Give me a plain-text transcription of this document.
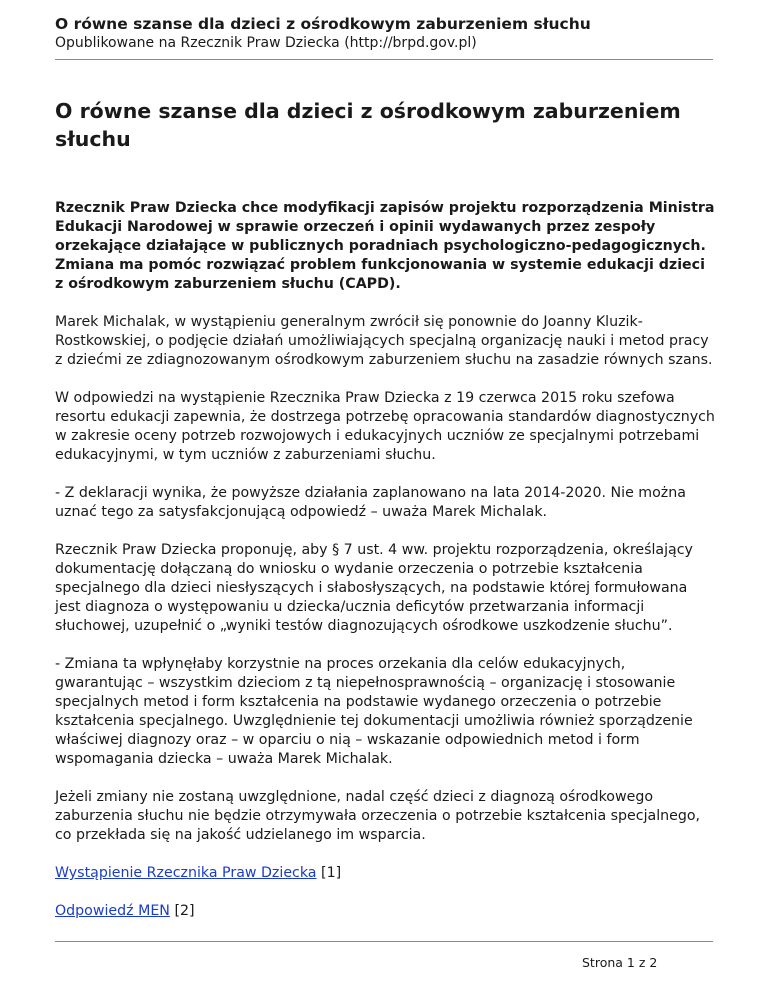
O równe szanse dla dzieci z ośrodkowym zaburzeniem słuchu

Opublikowane na Rzecznik Praw Dziecka (http://brpd.gov.pl)

O równe szanse dla dzieci z ośrodkowym zaburzeniem słuchu

Rzecznik Praw Dziecka chce modyfikacji zapisów projektu rozporządzenia Ministra Edukacji Narodowej w sprawie orzeczeń i opinii wydawanych przez zespoły orzekające działające w publicznych poradniach psychologiczno-pedagogicznych. Zmiana ma pomóc rozwiązać problem funkcjonowania w systemie edukacji dzieci z ośrodkowym zaburzeniem słuchu (CAPD).

Marek Michalak, w wystąpieniu generalnym zwrócił się ponownie do Joanny Kluzik-Rostkowskiej, o podjęcie działań umożliwiających specjalną organizację nauki i metod pracy z dziećmi ze zdiagnozowanym ośrodkowym zaburzeniem słuchu na zasadzie równych szans.

W odpowiedzi na wystąpienie Rzecznika Praw Dziecka z 19 czerwca 2015 roku szefowa resortu edukacji zapewnia, że dostrzega potrzebę opracowania standardów diagnostycznych w zakresie oceny potrzeb rozwojowych i edukacyjnych uczniów ze specjalnymi potrzebami edukacyjnymi, w tym uczniów z zaburzeniami słuchu.

- Z deklaracji wynika, że powyższe działania zaplanowano na lata 2014-2020. Nie można uznać tego za satysfakcjonującą odpowiedź – uważa Marek Michalak.

Rzecznik Praw Dziecka proponuję, aby § 7 ust. 4 ww. projektu rozporządzenia, określający dokumentację dołączaną do wniosku o wydanie orzeczenia o potrzebie kształcenia specjalnego dla dzieci niesłyszących i słabosłyszących, na podstawie której formułowana jest diagnoza o występowaniu u dziecka/ucznia deficytów przetwarzania informacji słuchowej, uzupełnić o „wyniki testów diagnozujących ośrodkowe uszkodzenie słuchu”.

- Zmiana ta wpłynęłaby korzystnie na proces orzekania dla celów edukacyjnych, gwarantując – wszystkim dzieciom z tą niepełnosprawnością – organizację i stosowanie specjalnych metod i form kształcenia na podstawie wydanego orzeczenia o potrzebie kształcenia specjalnego. Uwzględnienie tej dokumentacji umożliwia również sporządzenie właściwej diagnozy oraz – w oparciu o nią – wskazanie odpowiednich metod i form wspomagania dziecka – uważa Marek Michalak.

Jeżeli zmiany nie zostaną uwzględnione, nadal część dzieci z diagnozą ośrodkowego zaburzenia słuchu nie będzie otrzymywała orzeczenia o potrzebie kształcenia specjalnego, co przekłada się na jakość udzielanego im wsparcia.

Wystąpienie Rzecznika Praw Dziecka [1]

Odpowiedź MEN [2]

Strona 1 z 2
